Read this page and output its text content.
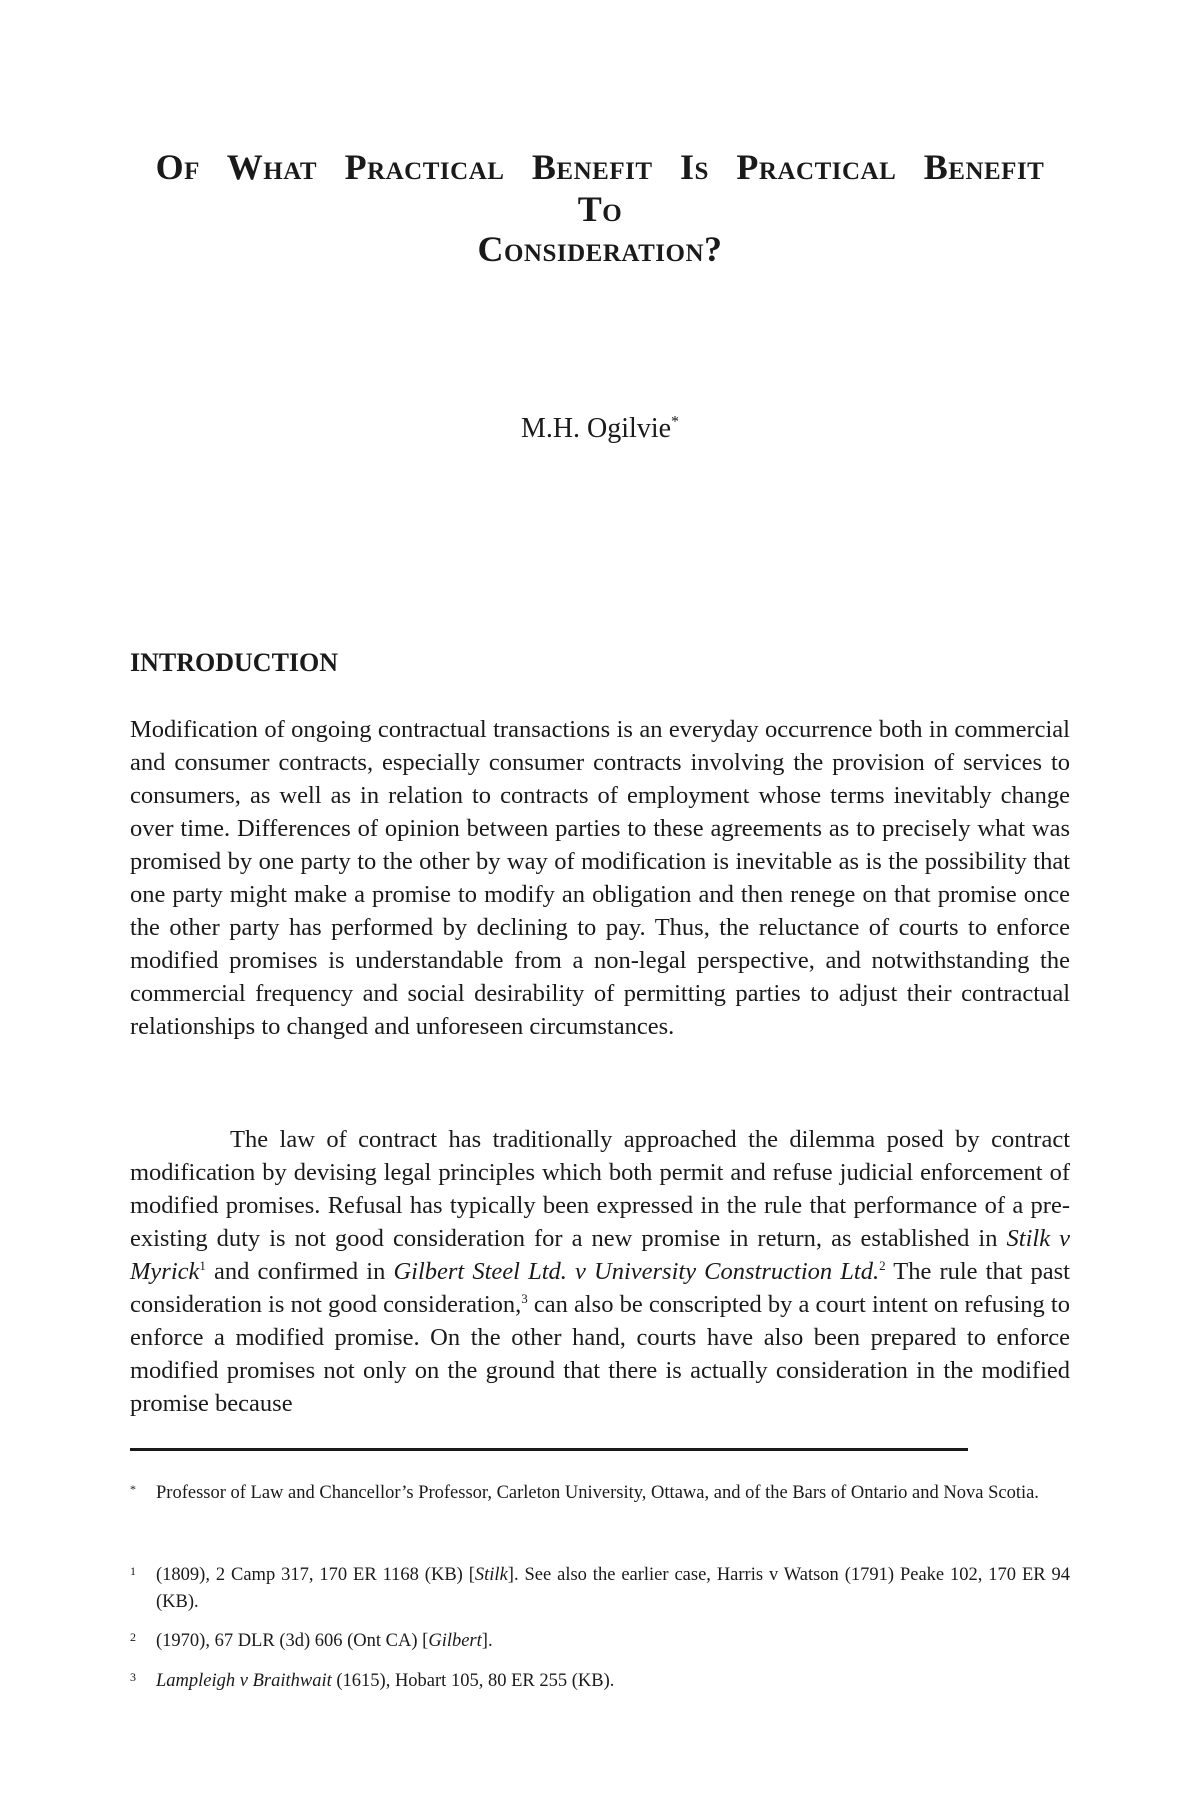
Of What Practical Benefit Is Practical Benefit To
Consideration?
M.H. Ogilvie*
INTRODUCTION

Modification of ongoing contractual transactions is an everyday occurrence both in commercial and consumer contracts, especially consumer contracts involving the provision of services to consumers, as well as in relation to contracts of employment whose terms inevitably change over time. Differences of opinion between parties to these agreements as to precisely what was promised by one party to the other by way of modification is inevitable as is the possibility that one party might make a promise to modify an obligation and then renege on that promise once the other party has performed by declining to pay. Thus, the reluctance of courts to enforce modified promises is understandable from a non-legal perspective, and notwithstanding the commercial frequency and social desirability of permitting parties to adjust their contractual relationships to changed and unforeseen circumstances.

The law of contract has traditionally approached the dilemma posed by contract modification by devising legal principles which both permit and refuse judicial enforcement of modified promises. Refusal has typically been expressed in the rule that performance of a pre-existing duty is not good consideration for a new promise in return, as established in Stilk v Myrick$^1$ and confirmed in Gilbert Steel Ltd. v University Construction Ltd.$^2$ The rule that past consideration is not good consideration,$^3$ can also be conscripted by a court intent on refusing to enforce a modified promise. On the other hand, courts have also been prepared to enforce modified promises not only on the ground that there is actually consideration in the modified promise because

* Professor of Law and Chancellor’s Professor, Carleton University, Ottawa, and of the Bars of Ontario and Nova Scotia.
1 (1809), 2 Camp 317, 170 ER 1168 (KB) [Stilk]. See also the earlier case, Harris v Watson (1791) Peake 102, 170 ER 94 (KB).
2 (1970), 67 DLR (3d) 606 (Ont CA) [Gilbert].
3 Lampleigh v Braithwait (1615), Hobart 105, 80 ER 255 (KB).
